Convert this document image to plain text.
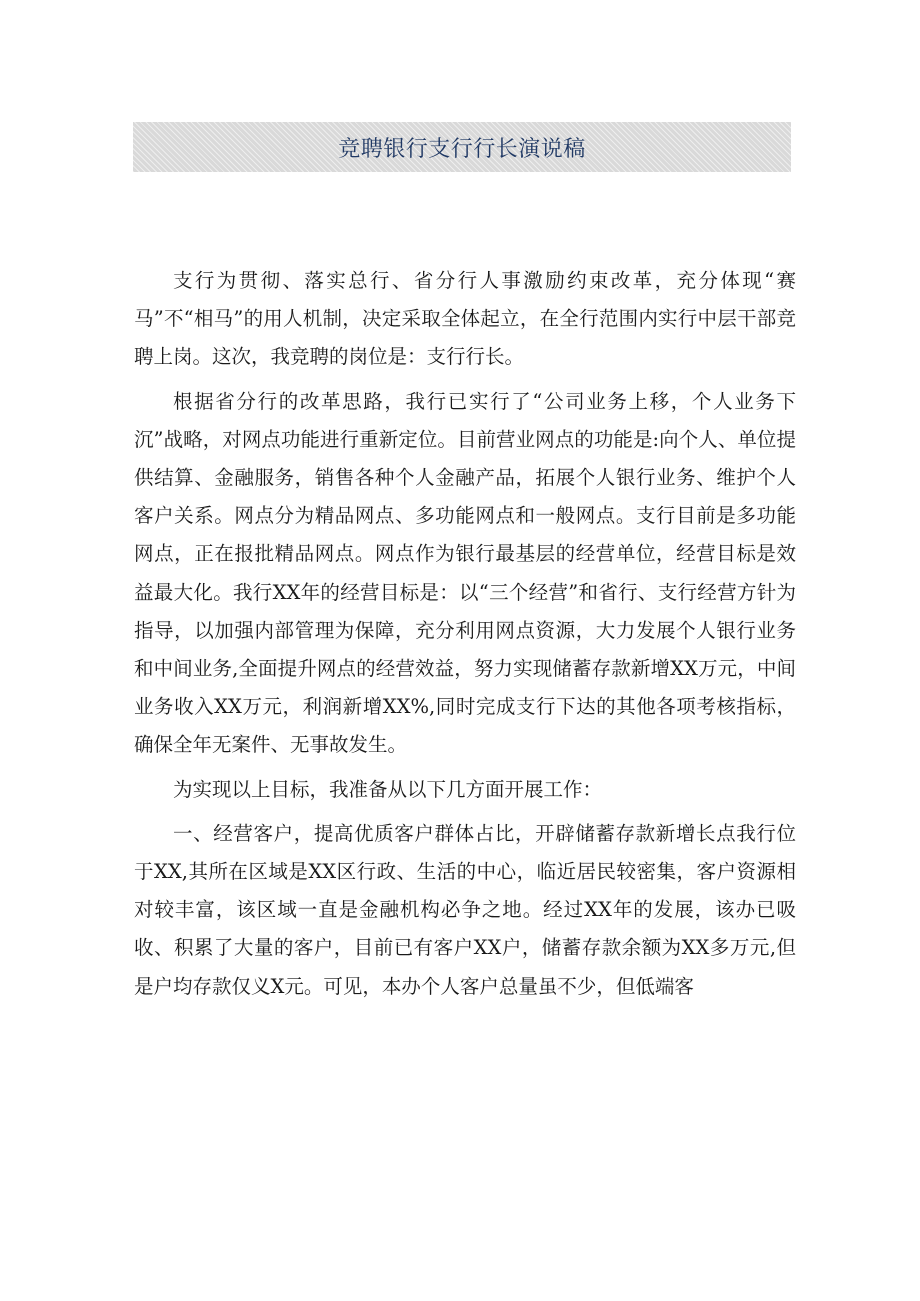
竞聘银行支行行长演说稿

支行为贯彻、落实总行、省分行人事激励约束改革，充分体现“赛马”不“相马”的用人机制，决定采取全体起立，在全行范围内实行中层干部竞聘上岗。这次，我竞聘的岗位是：支行行长。

根据省分行的改革思路，我行已实行了“公司业务上移，个人业务下沉”战略，对网点功能进行重新定位。目前营业网点的功能是:向个人、单位提供结算、金融服务，销售各种个人金融产品，拓展个人银行业务、维护个人客户关系。网点分为精品网点、多功能网点和一般网点。支行目前是多功能网点，正在报批精品网点。网点作为银行最基层的经营单位，经营目标是效益最大化。我行XX年的经营目标是：以“三个经营”和省行、支行经营方针为指导，以加强内部管理为保障，充分利用网点资源，大力发展个人银行业务和中间业务,全面提升网点的经营效益，努力实现储蓄存款新增XX万元，中间业务收入XX万元，利润新增XX%,同时完成支行下达的其他各项考核指标，确保全年无案件、无事故发生。

为实现以上目标，我准备从以下几方面开展工作：

一、经营客户，提高优质客户群体占比，开辟储蓄存款新增长点我行位于XX,其所在区域是XX区行政、生活的中心，临近居民较密集，客户资源相对较丰富，该区域一直是金融机构必争之地。经过XX年的发展，该办已吸收、积累了大量的客户，目前已有客户XX户，储蓄存款余额为XX多万元,但是户均存款仅义X元。可见，本办个人客户总量虽不少，但低端客
